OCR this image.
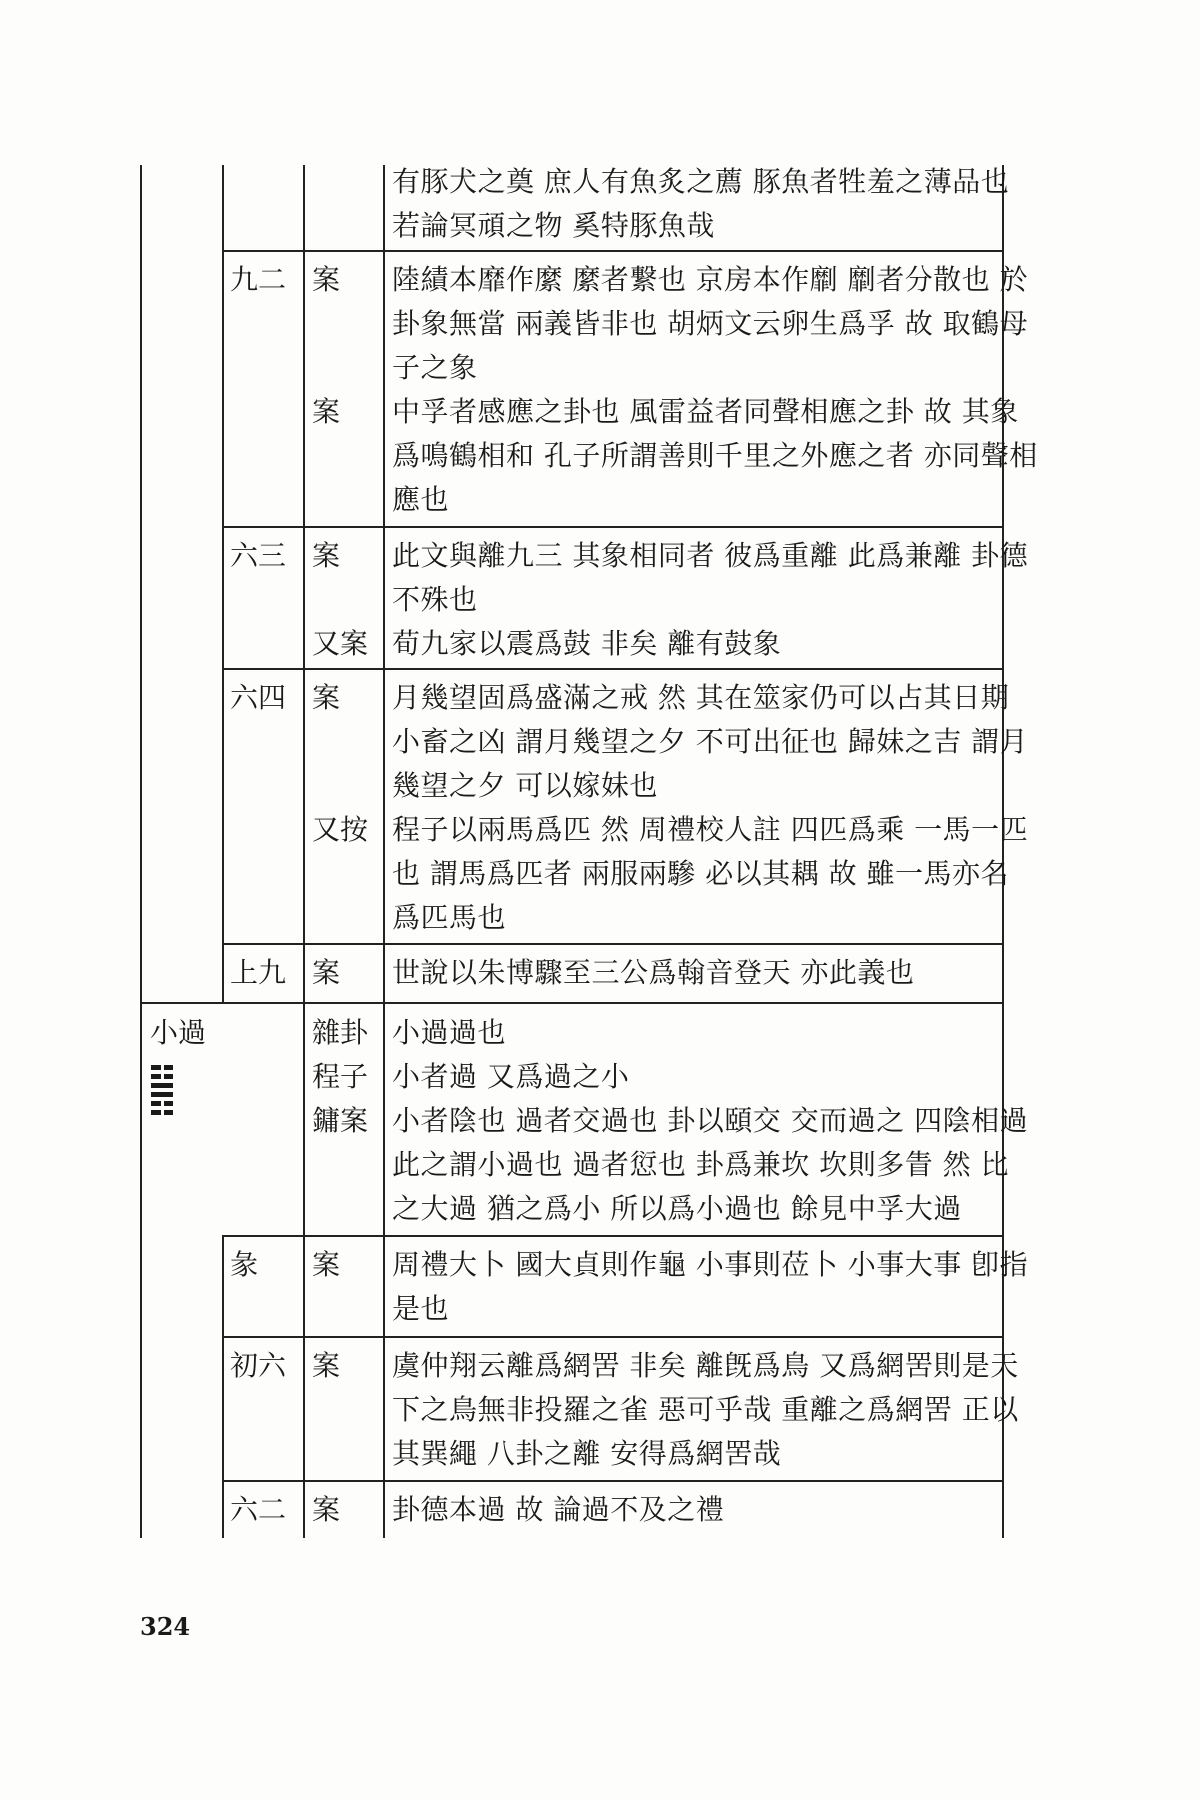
有豚犬之奠 庶人有魚炙之薦 豚魚者牲羞之薄品也
若論冥頑之物 奚特豚魚哉
九二 案 陸績本靡作縻 縻者繋也 京房本作劘 劘者分散也 於
卦象無當 兩義皆非也 胡炳文云卵生爲孚 故 取鶴母
子之象
案 中孚者感應之卦也 風雷益者同聲相應之卦 故 其象
爲鳴鶴相和 孔子所謂善則千里之外應之者 亦同聲相
應也
六三 案 此文與離九三 其象相同者 彼爲重離 此爲兼離 卦德
不殊也
又案 荀九家以震爲鼓 非矣 離有鼓象
六四 案 月幾望固爲盛滿之戒 然 其在筮家仍可以占其日期
小畜之凶 謂月幾望之夕 不可出征也 歸妹之吉 謂月
幾望之夕 可以嫁妹也
又按 程子以兩馬爲匹 然 周禮校人註 四匹爲乘 一馬一匹
也 謂馬爲匹者 兩服兩驂 必以其耦 故 雖一馬亦名
爲匹馬也
上九 案 世說以朱博驟至三公爲翰音登天 亦此義也
小過	雜卦 小過過也
程子 小者過 又爲過之小
鏞案 小者陰也 過者交過也 卦以頤交 交而過之 四陰相過
此之謂小過也 過者愆也 卦爲兼坎 坎則多眚 然 比
之大過 猶之爲小 所以爲小過也 餘見中孚大過
彖 案 周禮大卜 國大貞則作龜 小事則莅卜 小事大事 卽指
是也
初六 案 虞仲翔云離爲網罟 非矣 離旣爲鳥 又爲網罟則是天
下之鳥無非投羅之雀 惡可乎哉 重離之爲網罟 正以
其巽繩 八卦之離 安得爲網罟哉
六二 案 卦德本過 故 論過不及之禮
324
